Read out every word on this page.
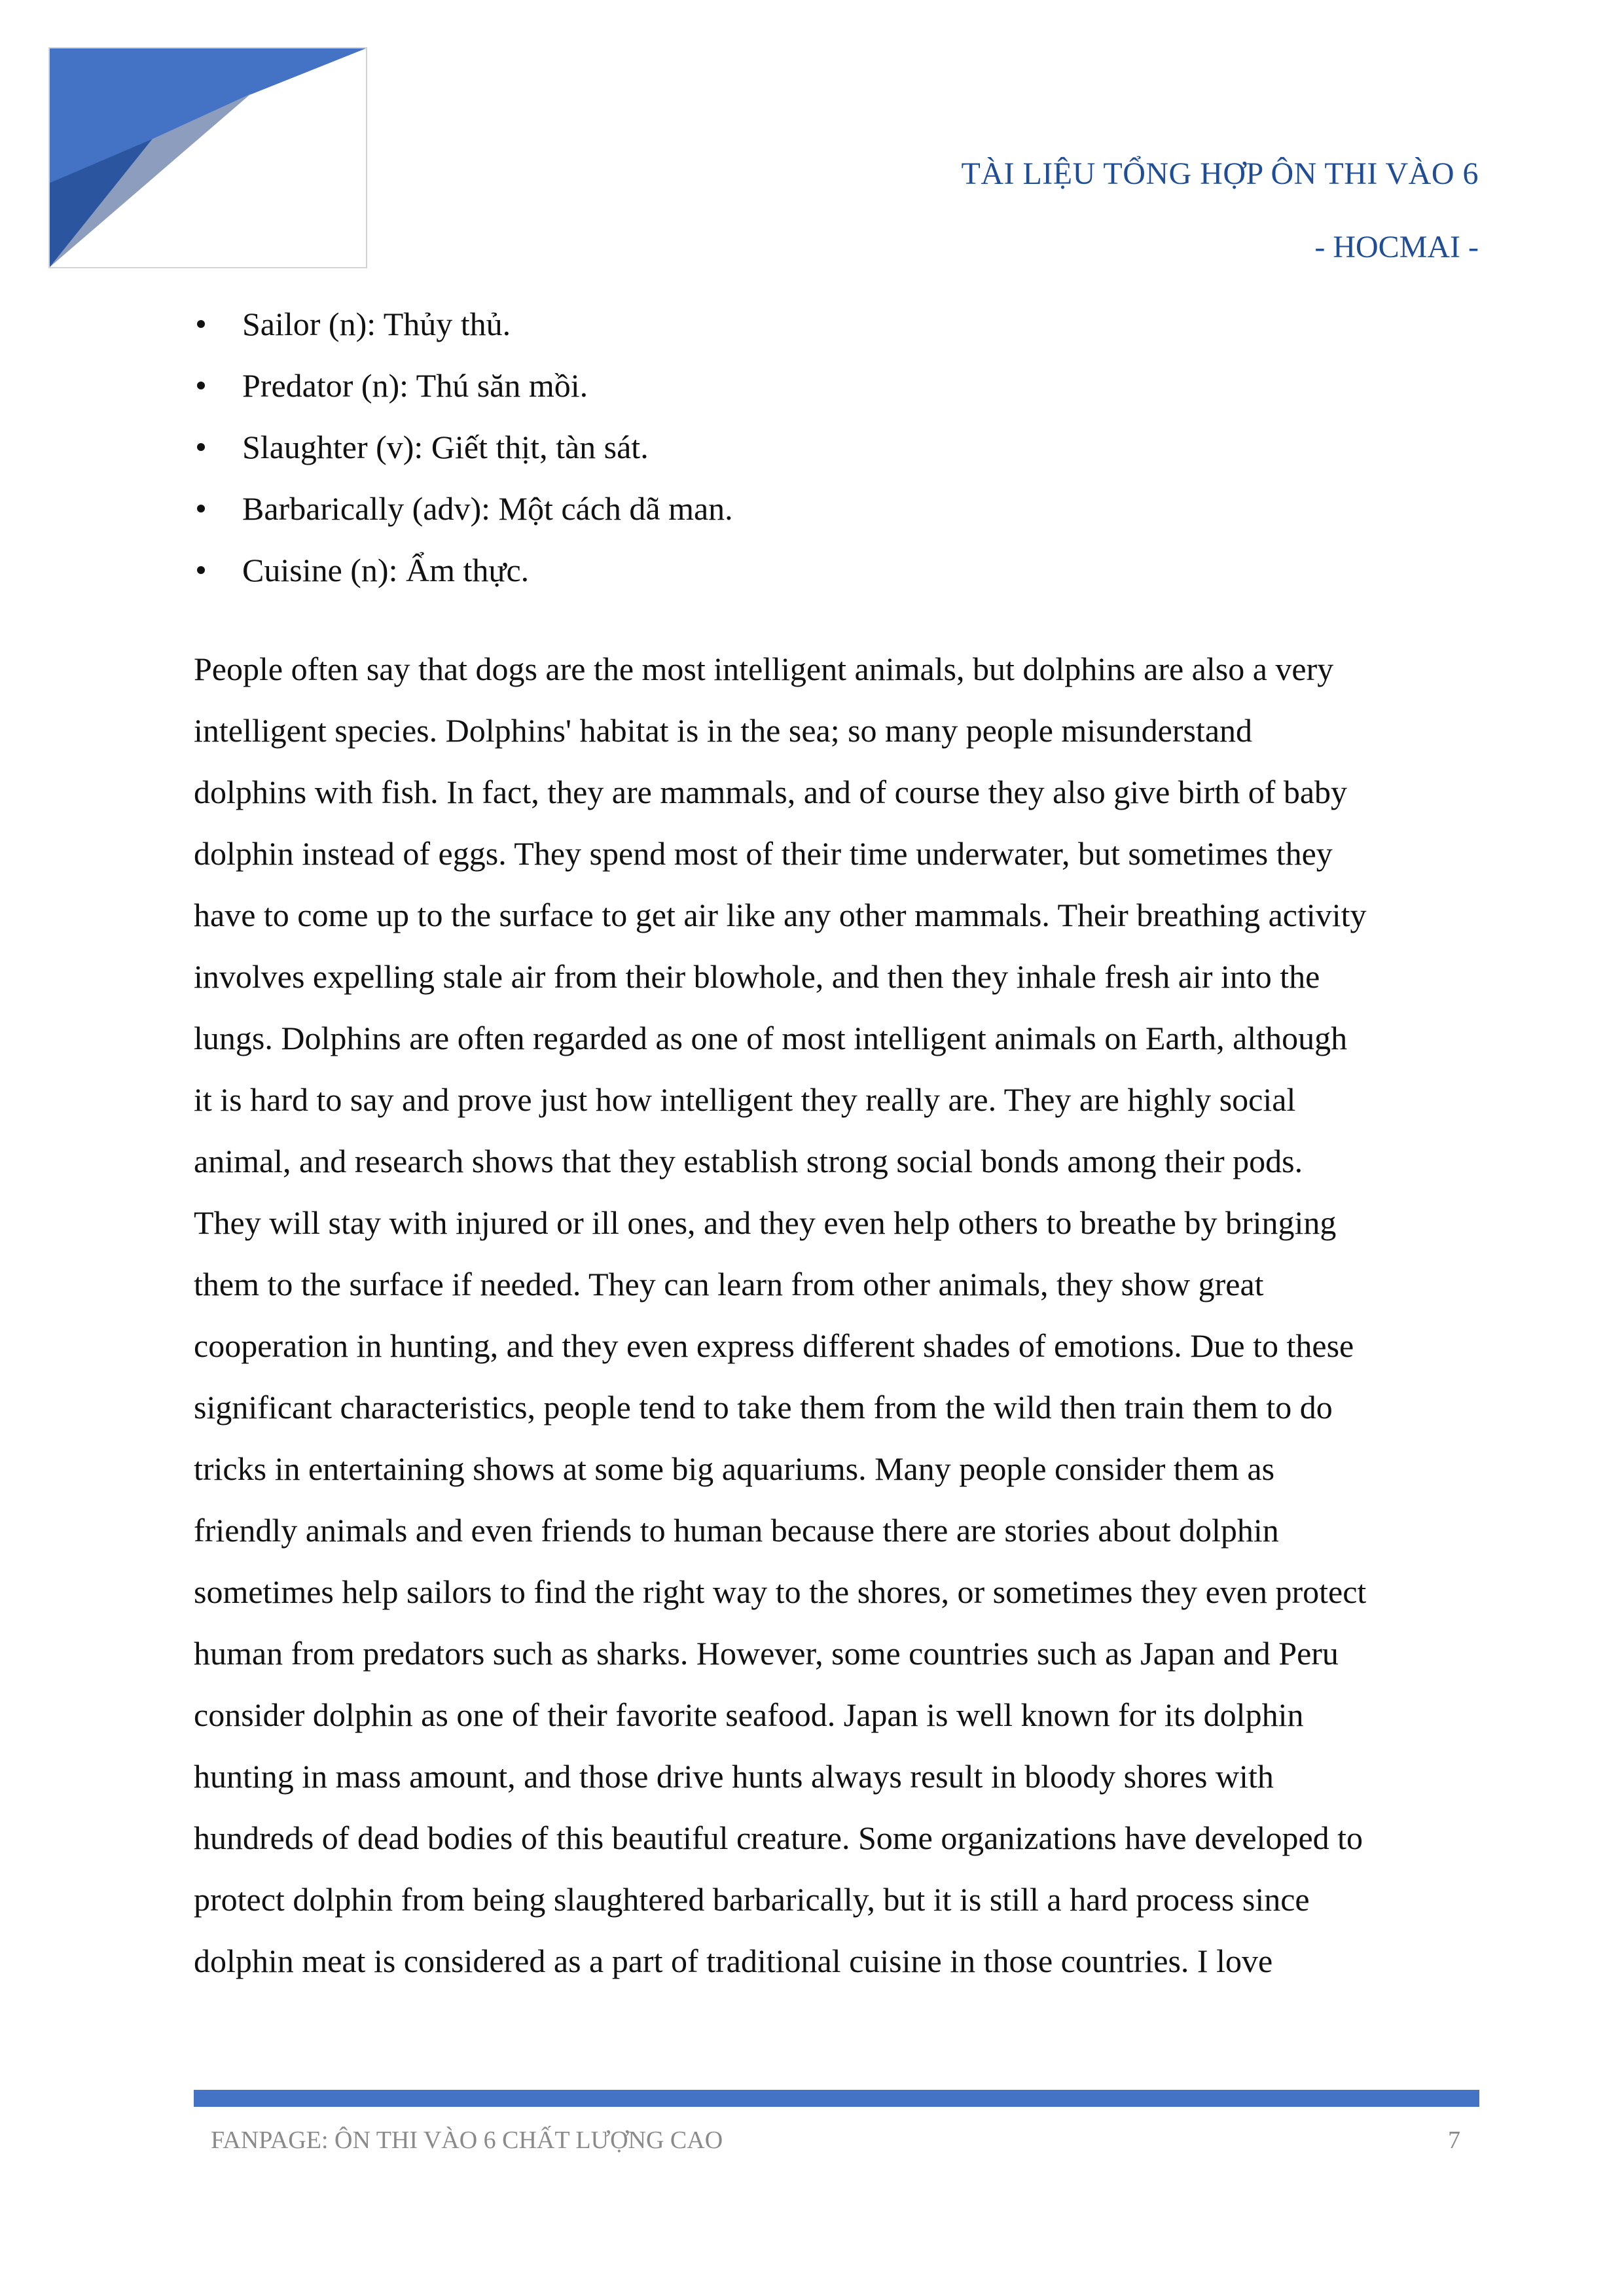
TÀI LIỆU TỔNG HỢP ÔN THI VÀO 6
- HOCMAI -
Sailor (n): Thủy thủ.
Predator (n): Thú săn mồi.
Slaughter (v): Giết thịt, tàn sát.
Barbarically (adv): Một cách dã man.
Cuisine (n): Ẩm thực.
People often say that dogs are the most intelligent animals, but dolphins are also a very
intelligent species. Dolphins' habitat is in the sea; so many people misunderstand
dolphins with fish. In fact, they are mammals, and of course they also give birth of baby
dolphin instead of eggs. They spend most of their time underwater, but sometimes they
have to come up to the surface to get air like any other mammals. Their breathing activity
involves expelling stale air from their blowhole, and then they inhale fresh air into the
lungs. Dolphins are often regarded as one of most intelligent animals on Earth, although
it is hard to say and prove just how intelligent they really are. They are highly social
animal, and research shows that they establish strong social bonds among their pods.
They will stay with injured or ill ones, and they even help others to breathe by bringing
them to the surface if needed. They can learn from other animals, they show great
cooperation in hunting, and they even express different shades of emotions. Due to these
significant characteristics, people tend to take them from the wild then train them to do
tricks in entertaining shows at some big aquariums. Many people consider them as
friendly animals and even friends to human because there are stories about dolphin
sometimes help sailors to find the right way to the shores, or sometimes they even protect
human from predators such as sharks. However, some countries such as Japan and Peru
consider dolphin as one of their favorite seafood. Japan is well known for its dolphin
hunting in mass amount, and those drive hunts always result in bloody shores with
hundreds of dead bodies of this beautiful creature. Some organizations have developed to
protect dolphin from being slaughtered barbarically, but it is still a hard process since
dolphin meat is considered as a part of traditional cuisine in those countries. I love
FANPAGE: ÔN THI VÀO 6 CHẤT LƯỢNG CAO	7
